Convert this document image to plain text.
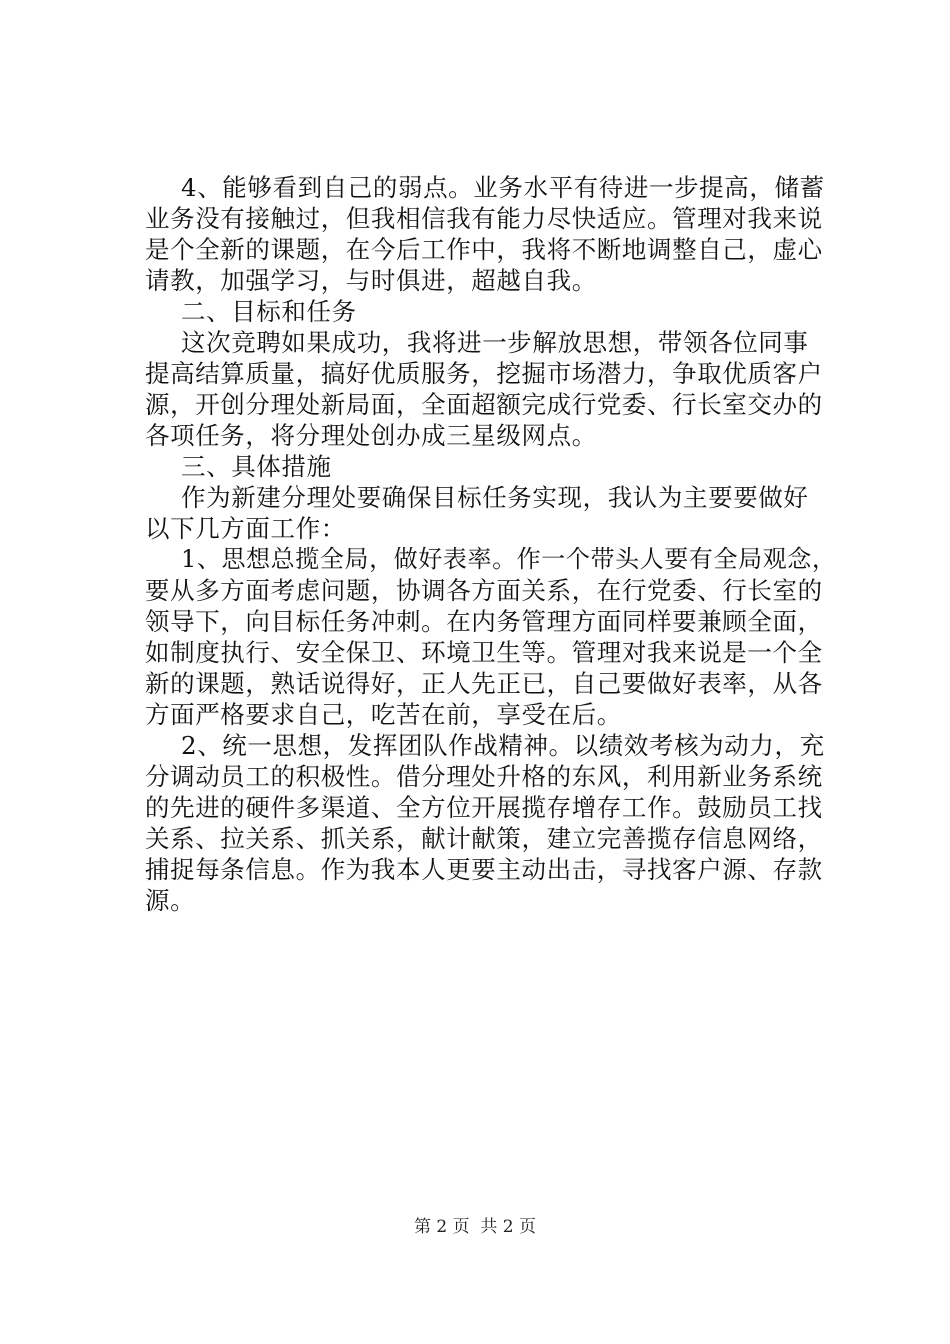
4、能够看到自己的弱点。业务水平有待进一步提高，储蓄
业务没有接触过，但我相信我有能力尽快适应。管理对我来说
是个全新的课题，在今后工作中，我将不断地调整自己，虚心
请教，加强学习，与时俱进，超越自我。
二、目标和任务
这次竞聘如果成功，我将进一步解放思想，带领各位同事
提高结算质量，搞好优质服务，挖掘市场潜力，争取优质客户
源，开创分理处新局面，全面超额完成行党委、行长室交办的
各项任务，将分理处创办成三星级网点。
三、具体措施
作为新建分理处要确保目标任务实现，我认为主要要做好
以下几方面工作：
1、思想总揽全局，做好表率。作一个带头人要有全局观念，
要从多方面考虑问题，协调各方面关系，在行党委、行长室的
领导下，向目标任务冲刺。在内务管理方面同样要兼顾全面，
如制度执行、安全保卫、环境卫生等。管理对我来说是一个全
新的课题，熟话说得好，正人先正已，自己要做好表率，从各
方面严格要求自己，吃苦在前，享受在后。
2、统一思想，发挥团队作战精神。以绩效考核为动力，充
分调动员工的积极性。借分理处升格的东风，利用新业务系统
的先进的硬件多渠道、全方位开展揽存增存工作。鼓励员工找
关系、拉关系、抓关系，献计献策，建立完善揽存信息网络，
捕捉每条信息。作为我本人更要主动出击，寻找客户源、存款
源。
第 2 页  共 2 页
